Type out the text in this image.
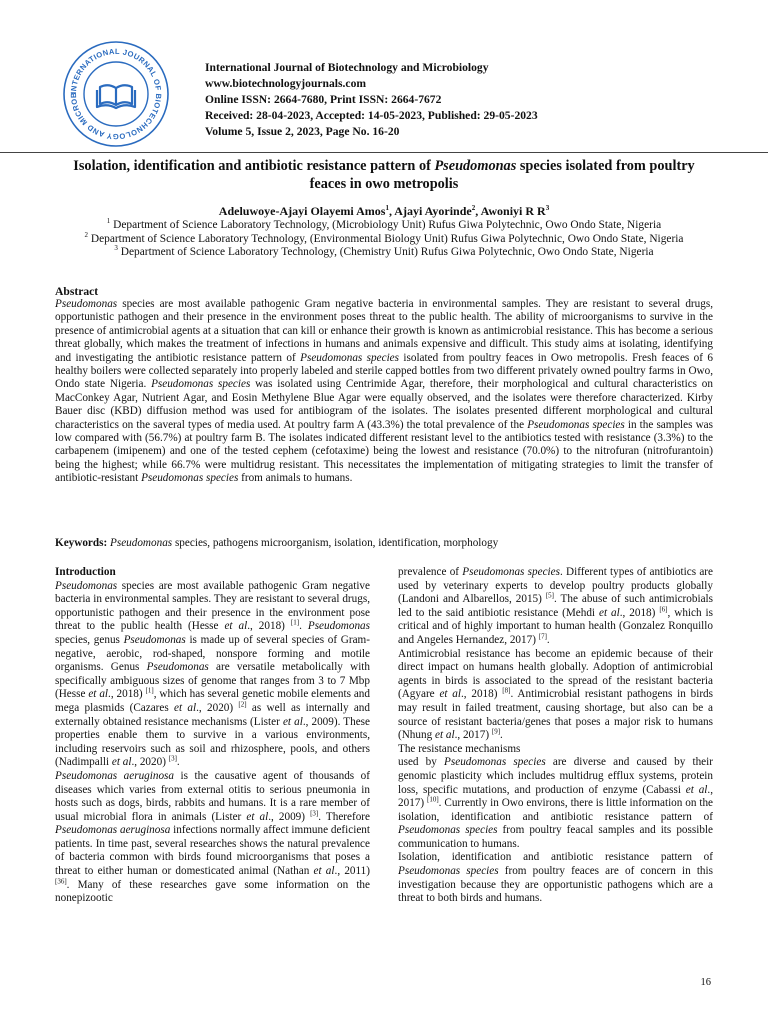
INTERNATIONAL JOURNAL OF BIOTECHNOLOGY AND MICROB
International Journal of Biotechnology and Microbiology
www.biotechnologyjournals.com
Online ISSN: 2664-7680, Print ISSN: 2664-7672
Received: 28-04-2023, Accepted: 14-05-2023, Published: 29-05-2023
Volume 5, Issue 2, 2023, Page No. 16-20
Isolation, identification and antibiotic resistance pattern of Pseudomonas species isolated from poultry feaces in owo metropolis
Adeluwoye-Ajayi Olayemi Amos$^1$, Ajayi Ayorinde$^2$, Awoniyi R $R^3$
$^1$ Department of Science Laboratory Technology, (Microbiology Unit) Rufus Giwa Polytechnic, Owo Ondo State, Nigeria
$^2$ Department of Science Laboratory Technology, (Environmental Biology Unit) Rufus Giwa Polytechnic, Owo Ondo State, Nigeria
$^3$ Department of Science Laboratory Technology, (Chemistry Unit) Rufus Giwa Polytechnic, Owo Ondo State, Nigeria
Abstract

Pseudomonas species are most available pathogenic Gram negative bacteria in environmental samples. They are resistant to several drugs, opportunistic pathogen and their presence in the environment poses threat to the public health. The ability of microorganisms to survive in the presence of antimicrobial agents at a situation that can kill or enhance their growth is known as antimicrobial resistance. This has become a serious threat globally, which makes the treatment of infections in humans and animals expensive and difficult. This study aims at isolating, identifying and investigating the antibiotic resistance pattern of Pseudomonas species isolated from poultry feaces in Owo metropolis. Fresh feaces of 6 healthy boilers were collected separately into properly labeled and sterile capped bottles from two different privately owned poultry farms in Owo, Ondo state Nigeria. Pseudomonas species was isolated using Centrimide Agar, therefore, their morphological and cultural characteristics on MacConkey Agar, Nutrient Agar, and Eosin Methylene Blue Agar were equally observed, and the isolates were therefore characterized. Kirby Bauer disc (KBD) diffusion method was used for antibiogram of the isolates. The isolates presented different morphological and cultural characteristics on the saveral types of media used. At poultry farm A (43.3%) the total prevalence of the Pseudomonas species in the samples was low compared with (56.7%) at poultry farm B. The isolates indicated different resistant level to the antibiotics tested with resistance (3.3%) to the carbapenem (imipenem) and one of the tested cephem (cefotaxime) being the lowest and resistance (70.0%) to the nitrofuran (nitrofurantoin) being the highest; while 66.7% were multidrug resistant. This necessitates the implementation of mitigating strategies to limit the transfer of antibiotic-resistant Pseudomonas species from animals to humans.

Keywords: Pseudomonas species, pathogens microorganism, isolation, identification, morphology
Introduction

Pseudomonas species are most available pathogenic Gram negative bacteria in environmental samples. They are resistant to several drugs, opportunistic pathogen and their presence in the environment pose threat to the public health (Hesse et al., 2018) [1]. Pseudomonas species, genus Pseudomonas is made up of several species of Gram-negative, aerobic, rod-shaped, nonspore forming and motile organisms. Genus Pseudomonas are versatile metabolically with specifically ambiguous sizes of genome that ranges from 3 to 7 Mbp (Hesse et al., 2018) [1], which has several genetic mobile elements and mega plasmids (Cazares et al., 2020) [2] as well as internally and externally obtained resistance mechanisms (Lister et al., 2009). These properties enable them to survive in a various environments, including reservoirs such as soil and rhizosphere, pools, and others (Nadimpalli et al., 2020) [3].

Pseudomonas aeruginosa is the causative agent of thousands of diseases which varies from external otitis to serious pneumonia in hosts such as dogs, birds, rabbits and humans. It is a rare member of usual microbial flora in animals (Lister et al., 2009) [3]. Therefore Pseudomonas aeruginosa infections normally affect immune deficient patients. In time past, several researches shows the natural prevalence of bacteria common with birds found microorganisms that poses a threat to either human or domesticated animal (Nathan et al., 2011) [36]. Many of these researches gave some information on the nonepizootic

prevalence of Pseudomonas species. Different types of antibiotics are used by veterinary experts to develop poultry products globally (Landoni and Albarellos, 2015) [5]. The abuse of such antimicrobials led to the said antibiotic resistance (Mehdi et al., 2018) [6], which is critical and of highly important to human health (Gonzalez Ronquillo and Angeles Hernandez, 2017) [7].

Antimicrobial resistance has become an epidemic because of their direct impact on humans health globally. Adoption of antimicrobial agents in birds is associated to the spread of the resistant bacteria (Agyare et al., 2018) [8]. Antimicrobial resistant pathogens in birds may result in failed treatment, causing shortage, but also can be a source of resistant bacteria/genes that poses a major risk to humans (Nhung et al., 2017) [9].

The resistance mechanisms

used by Pseudomonas species are diverse and caused by their genomic plasticity which includes multidrug efflux systems, protein loss, specific mutations, and production of enzyme (Cabassi et al., 2017) [10]. Currently in Owo environs, there is little information on the isolation, identification and antibiotic resistance pattern of Pseudomonas species from poultry feacal samples and its possible communication to humans.

Isolation, identification and antibiotic resistance pattern of Pseudomonas species from poultry feaces are of concern in this investigation because they are opportunistic pathogens which are a threat to both birds and humans.

16
